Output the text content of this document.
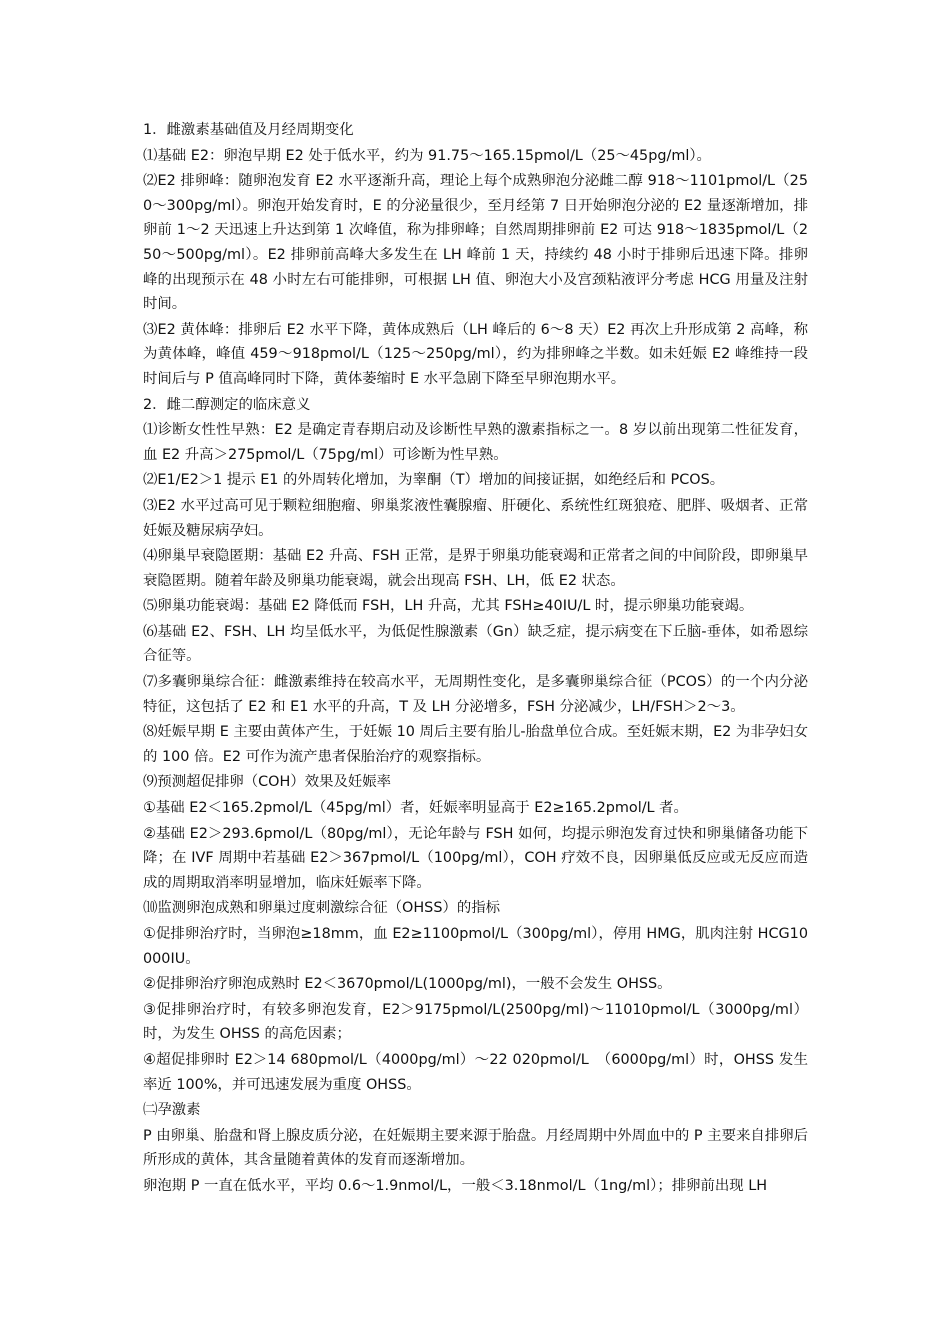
1．雌激素基础值及月经周期变化

⑴基础 E2：卵泡早期 E2 处于低水平，约为 91.75～165.15pmol/L（25～45pg/ml）。

⑵E2 排卵峰：随卵泡发育 E2 水平逐渐升高，理论上每个成熟卵泡分泌雌二醇 918～1101pmol/L（250～300pg/ml）。卵泡开始发育时，E 的分泌量很少，至月经第 7 日开始卵泡分泌的 E2 量逐渐增加，排卵前 1～2 天迅速上升达到第 1 次峰值，称为排卵峰；自然周期排卵前 E2 可达 918～1835pmol/L（250～500pg/ml）。E2 排卵前高峰大多发生在 LH 峰前 1 天，持续约 48 小时于排卵后迅速下降。排卵峰的出现预示在 48 小时左右可能排卵，可根据 LH 值、卵泡大小及宫颈粘液评分考虑 HCG 用量及注射时间。

⑶E2 黄体峰：排卵后 E2 水平下降，黄体成熟后（LH 峰后的 6～8 天）E2 再次上升形成第 2 高峰，称为黄体峰，峰值 459～918pmol/L（125～250pg/ml），约为排卵峰之半数。如未妊娠 E2 峰维持一段时间后与 P 值高峰同时下降，黄体萎缩时 E 水平急剧下降至早卵泡期水平。

2．雌二醇测定的临床意义

⑴诊断女性性早熟：E2 是确定青春期启动及诊断性早熟的激素指标之一。8 岁以前出现第二性征发育，血 E2 升高＞275pmol/L（75pg/ml）可诊断为性早熟。

⑵E1/E2＞1 提示 E1 的外周转化增加，为睾酮（T）增加的间接证据，如绝经后和 PCOS。

⑶E2 水平过高可见于颗粒细胞瘤、卵巢浆液性囊腺瘤、肝硬化、系统性红斑狼疮、肥胖、吸烟者、正常妊娠及糖尿病孕妇。

⑷卵巢早衰隐匿期：基础 E2 升高、FSH 正常，是界于卵巢功能衰竭和正常者之间的中间阶段，即卵巢早衰隐匿期。随着年龄及卵巢功能衰竭，就会出现高 FSH、LH，低 E2 状态。

⑸卵巢功能衰竭：基础 E2 降低而 FSH，LH 升高，尤其 FSH≥40IU/L 时，提示卵巢功能衰竭。

⑹基础 E2、FSH、LH 均呈低水平，为低促性腺激素（Gn）缺乏症，提示病变在下丘脑-垂体，如希恩综合征等。

⑺多囊卵巢综合征：雌激素维持在较高水平，无周期性变化，是多囊卵巢综合征（PCOS）的一个内分泌特征，这包括了 E2 和 E1 水平的升高，T 及 LH 分泌增多，FSH 分泌减少，LH/FSH＞2～3。

⑻妊娠早期 E 主要由黄体产生，于妊娠 10 周后主要有胎儿-胎盘单位合成。至妊娠末期，E2 为非孕妇女的 100 倍。E2 可作为流产患者保胎治疗的观察指标。

⑼预测超促排卵（COH）效果及妊娠率

①基础 E2＜165.2pmol/L（45pg/ml）者，妊娠率明显高于 E2≥165.2pmol/L 者。

②基础 E2＞293.6pmol/L（80pg/ml），无论年龄与 FSH 如何，均提示卵泡发育过快和卵巢储备功能下降；在 IVF 周期中若基础 E2＞367pmol/L（100pg/ml），COH 疗效不良，因卵巢低反应或无反应而造成的周期取消率明显增加，临床妊娠率下降。

⑽监测卵泡成熟和卵巢过度刺激综合征（OHSS）的指标

①促排卵治疗时，当卵泡≥18mm，血 E2≥1100pmol/L（300pg/ml），停用 HMG，肌肉注射 HCG10000IU。

②促排卵治疗卵泡成熟时 E2＜3670pmol/L(1000pg/ml)，一般不会发生 OHSS。

③促排卵治疗时，有较多卵泡发育，E2＞9175pmol/L(2500pg/ml)～11010pmol/L（3000pg/ml）时，为发生 OHSS 的高危因素；

④超促排卵时 E2＞14 680pmol/L（4000pg/ml）～22 020pmol/L　（6000pg/ml）时，OHSS 发生率近 100%，并可迅速发展为重度 OHSS。

㈡孕激素

P 由卵巢、胎盘和肾上腺皮质分泌，在妊娠期主要来源于胎盘。月经周期中外周血中的 P 主要来自排卵后所形成的黄体，其含量随着黄体的发育而逐渐增加。

卵泡期 P 一直在低水平，平均 0.6～1.9nmol/L，一般＜3.18nmol/L（1ng/ml）；排卵前出现 LH
